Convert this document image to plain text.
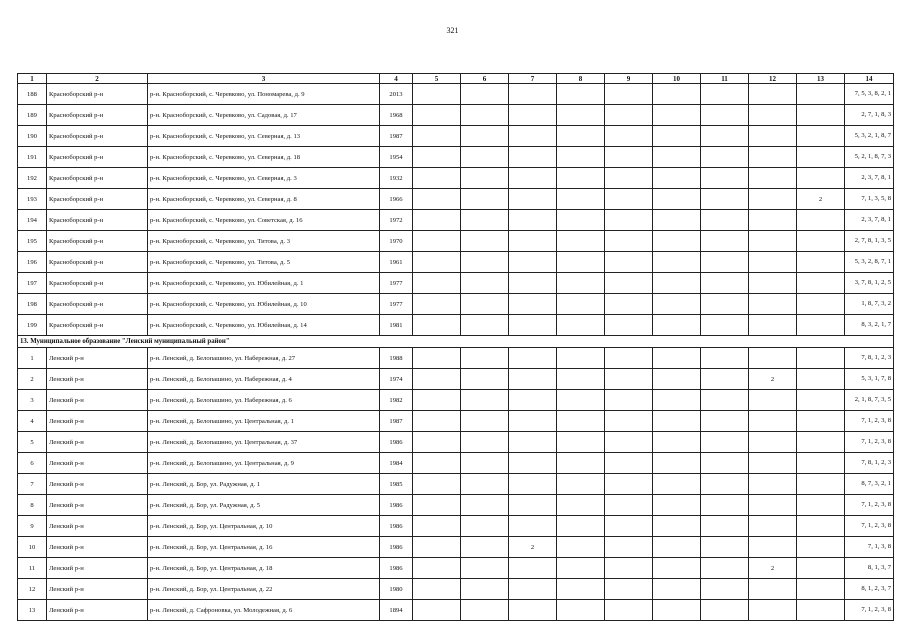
321
1	2	3	4	5	6	7	8	9	10	11	12	13	14
188	Красноборский р-н	р-н. Красноборский, с. Черевково, ул. Пономарева, д. 9	2013										7, 5, 3, 8, 2, 1
189	Красноборский р-н	р-н. Красноборский, с. Черевково, ул. Садовая, д. 17	1968										2, 7, 1, 8, 3
190	Красноборский р-н	р-н. Красноборский, с. Черевково, ул. Северная, д. 13	1987										5, 3, 2, 1, 8, 7
191	Красноборский р-н	р-н. Красноборский, с. Черевково, ул. Северная, д. 18	1954										5, 2, 1, 8, 7, 3
192	Красноборский р-н	р-н. Красноборский, с. Черевково, ул. Северная, д. 3	1932										2, 3, 7, 8, 1
193	Красноборский р-н	р-н. Красноборский, с. Черевково, ул. Северная, д. 8	1966									2	7, 1, 3, 5, 8
194	Красноборский р-н	р-н. Красноборский, с. Черевково, ул. Советская, д. 16	1972										2, 3, 7, 8, 1
195	Красноборский р-н	р-н. Красноборский, с. Черевково, ул. Титова, д. 3	1970										2, 7, 8, 1, 3, 5
196	Красноборский р-н	р-н. Красноборский, с. Черевково, ул. Титова, д. 5	1961										5, 3, 2, 8, 7, 1
197	Красноборский р-н	р-н. Красноборский, с. Черевково, ул. Юбилейная, д. 1	1977										3, 7, 8, 1, 2, 5
198	Красноборский р-н	р-н. Красноборский, с. Черевково, ул. Юбилейная, д. 10	1977										1, 8, 7, 3, 2
199	Красноборский р-н	р-н. Красноборский, с. Черевково, ул. Юбилейная, д. 14	1981										8, 3, 2, 1, 7
13. Муниципальное образование "Ленский муниципальный район"													
1	Ленский р-н	р-н. Ленский, д. Белопашино, ул. Набережная, д. 27	1988										7, 8, 1, 2, 3
2	Ленский р-н	р-н. Ленский, д. Белопашино, ул. Набережная, д. 4	1974								2		5, 3, 1, 7, 8
3	Ленский р-н	р-н. Ленский, д. Белопашино, ул. Набережная, д. 6	1982										2, 1, 8, 7, 3, 5
4	Ленский р-н	р-н. Ленский, д. Белопашино, ул. Центральная, д. 1	1987										7, 1, 2, 3, 8
5	Ленский р-н	р-н. Ленский, д. Белопашино, ул. Центральная, д. 37	1986										7, 1, 2, 3, 8
6	Ленский р-н	р-н. Ленский, д. Белопашино, ул. Центральная, д. 9	1984										7, 8, 1, 2, 3
7	Ленский р-н	р-н. Ленский, д. Бор, ул. Радужная, д. 1	1985										8, 7, 3, 2, 1
8	Ленский р-н	р-н. Ленский, д. Бор, ул. Радужная, д. 5	1986										7, 1, 2, 3, 8
9	Ленский р-н	р-н. Ленский, д. Бор, ул. Центральная, д. 10	1986										7, 1, 2, 3, 8
10	Ленский р-н	р-н. Ленский, д. Бор, ул. Центральная, д. 16	1986			2							7, 1, 3, 8
11	Ленский р-н	р-н. Ленский, д. Бор, ул. Центральная, д. 18	1986								2		8, 1, 3, 7
12	Ленский р-н	р-н. Ленский, д. Бор, ул. Центральная, д. 22	1980										8, 1, 2, 3, 7
13	Ленский р-н	р-н. Ленский, д. Сафроновка, ул. Молодежная, д. 6	1894										7, 1, 2, 3, 8
